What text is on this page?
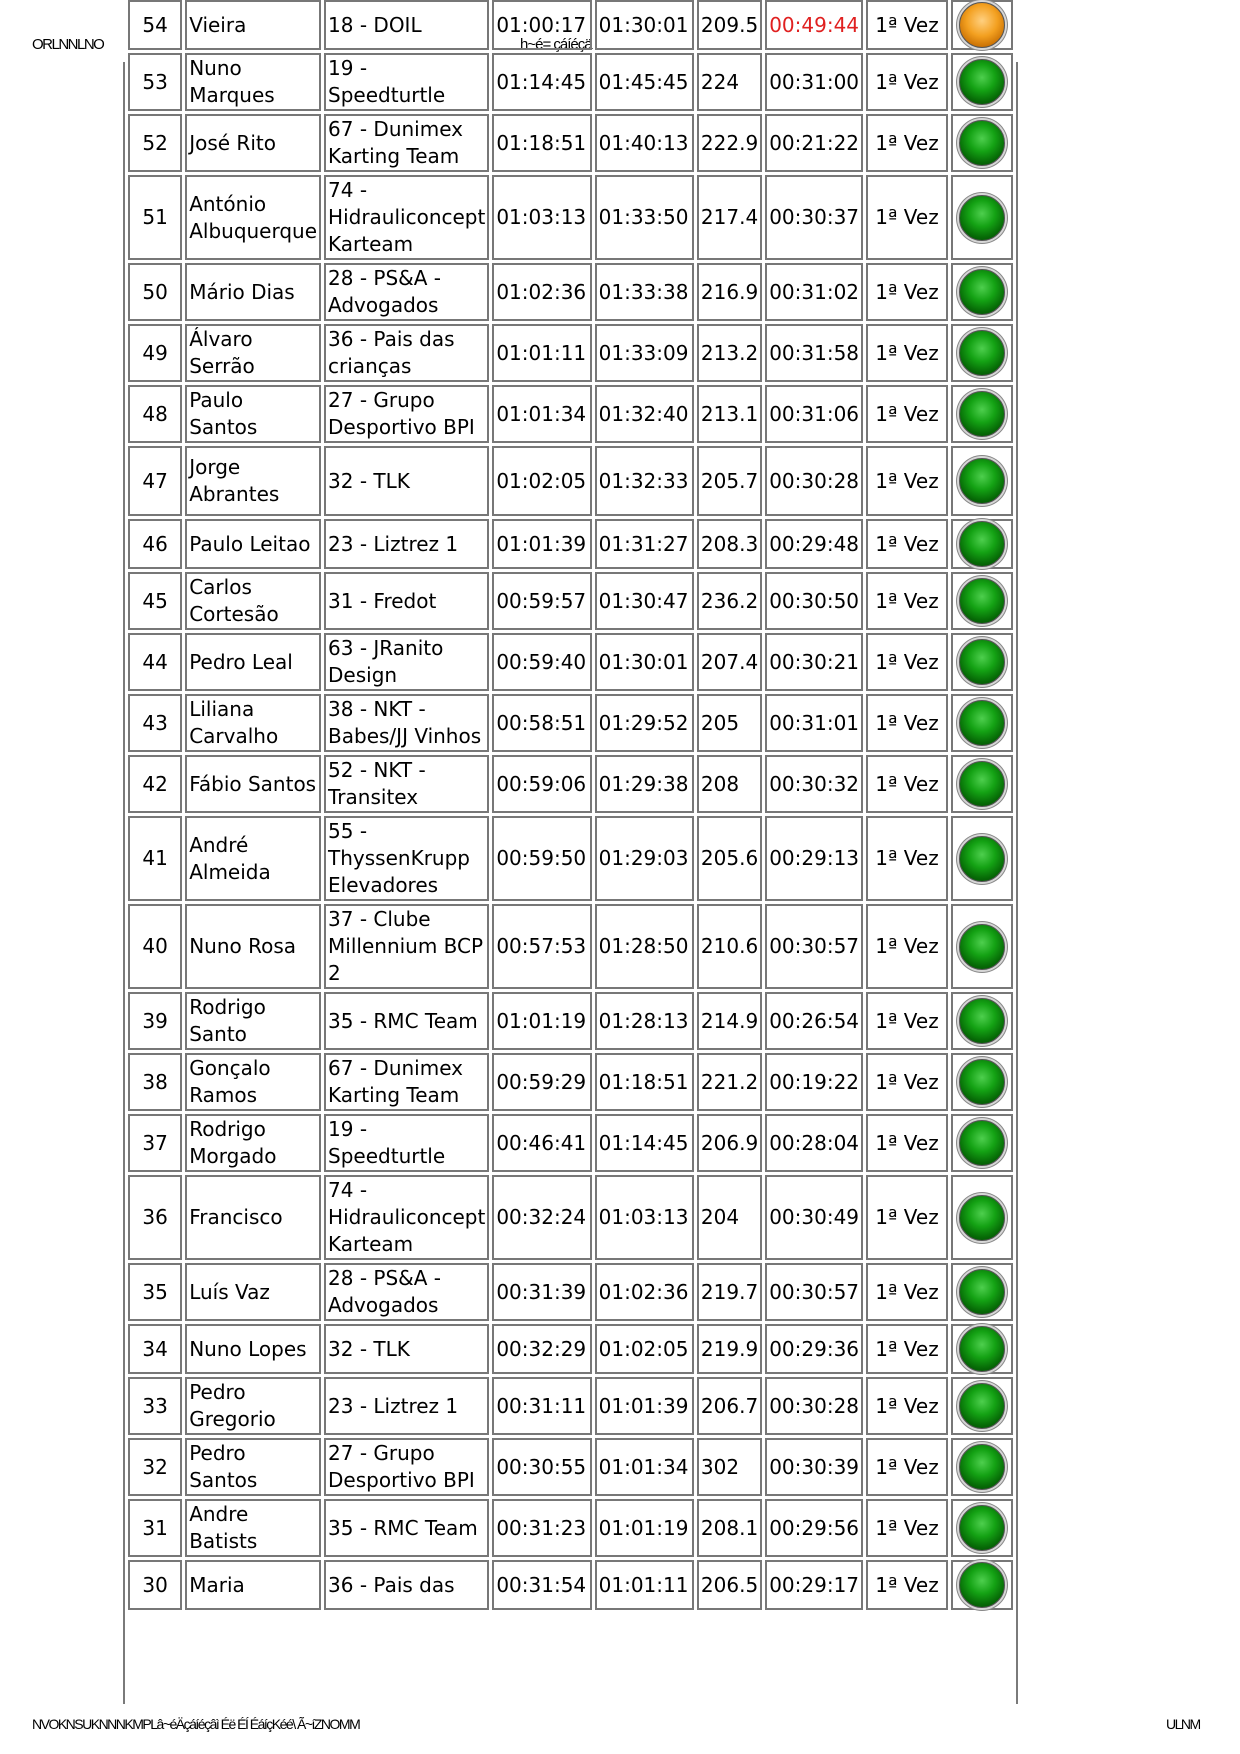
ORLNNLNO	h~é= çáíéçä
54	Vieira	18 - DOIL	01:00:17	01:30:01	209.5	00:49:44	1ª Vez	
53	Nuno Marques	19 - Speedturtle	01:14:45	01:45:45	224	00:31:00	1ª Vez	
52	José Rito	67 - Dunimex Karting Team	01:18:51	01:40:13	222.9	00:21:22	1ª Vez	
51	António Albuquerque	74 - Hidrauliconcept Karteam	01:03:13	01:33:50	217.4	00:30:37	1ª Vez	
50	Mário Dias	28 - PS&A - Advogados	01:02:36	01:33:38	216.9	00:31:02	1ª Vez	
49	Álvaro Serrão	36 - Pais das crianças	01:01:11	01:33:09	213.2	00:31:58	1ª Vez	
48	Paulo Santos	27 - Grupo Desportivo BPI	01:01:34	01:32:40	213.1	00:31:06	1ª Vez	
47	Jorge Abrantes	32 - TLK	01:02:05	01:32:33	205.7	00:30:28	1ª Vez	
46	Paulo Leitao	23 - Liztrez 1	01:01:39	01:31:27	208.3	00:29:48	1ª Vez	
45	Carlos Cortesão	31 - Fredot	00:59:57	01:30:47	236.2	00:30:50	1ª Vez	
44	Pedro Leal	63 - JRanito Design	00:59:40	01:30:01	207.4	00:30:21	1ª Vez	
43	Liliana Carvalho	38 - NKT - Babes/JJ Vinhos	00:58:51	01:29:52	205	00:31:01	1ª Vez	
42	Fábio Santos	52 - NKT - Transitex	00:59:06	01:29:38	208	00:30:32	1ª Vez	
41	André Almeida	55 - ThyssenKrupp Elevadores	00:59:50	01:29:03	205.6	00:29:13	1ª Vez	
40	Nuno Rosa	37 - Clube Millennium BCP 2	00:57:53	01:28:50	210.6	00:30:57	1ª Vez	
39	Rodrigo Santo	35 - RMC Team	01:01:19	01:28:13	214.9	00:26:54	1ª Vez	
38	Gonçalo Ramos	67 - Dunimex Karting Team	00:59:29	01:18:51	221.2	00:19:22	1ª Vez	
37	Rodrigo Morgado	19 - Speedturtle	00:46:41	01:14:45	206.9	00:28:04	1ª Vez	
36	Francisco	74 - Hidrauliconcept Karteam	00:32:24	01:03:13	204	00:30:49	1ª Vez	
35	Luís Vaz	28 - PS&A - Advogados	00:31:39	01:02:36	219.7	00:30:57	1ª Vez	
34	Nuno Lopes	32 - TLK	00:32:29	01:02:05	219.9	00:29:36	1ª Vez	
33	Pedro Gregorio	23 - Liztrez 1	00:31:11	01:01:39	206.7	00:30:28	1ª Vez	
32	Pedro Santos	27 - Grupo Desportivo BPI	00:30:55	01:01:34	302	00:30:39	1ª Vez	
31	Andre Batists	35 - RMC Team	00:31:23	01:01:19	208.1	00:29:56	1ª Vez	
30	Maria	36 - Pais das	00:31:54	01:01:11	206.5	00:29:17	1ª Vez	
NVOKNSUKNNNKMPLâ~éÄçáíéçâì Éë ÉÍ ÉáíçKéé\ Ã~íZNOMM	ULNM
